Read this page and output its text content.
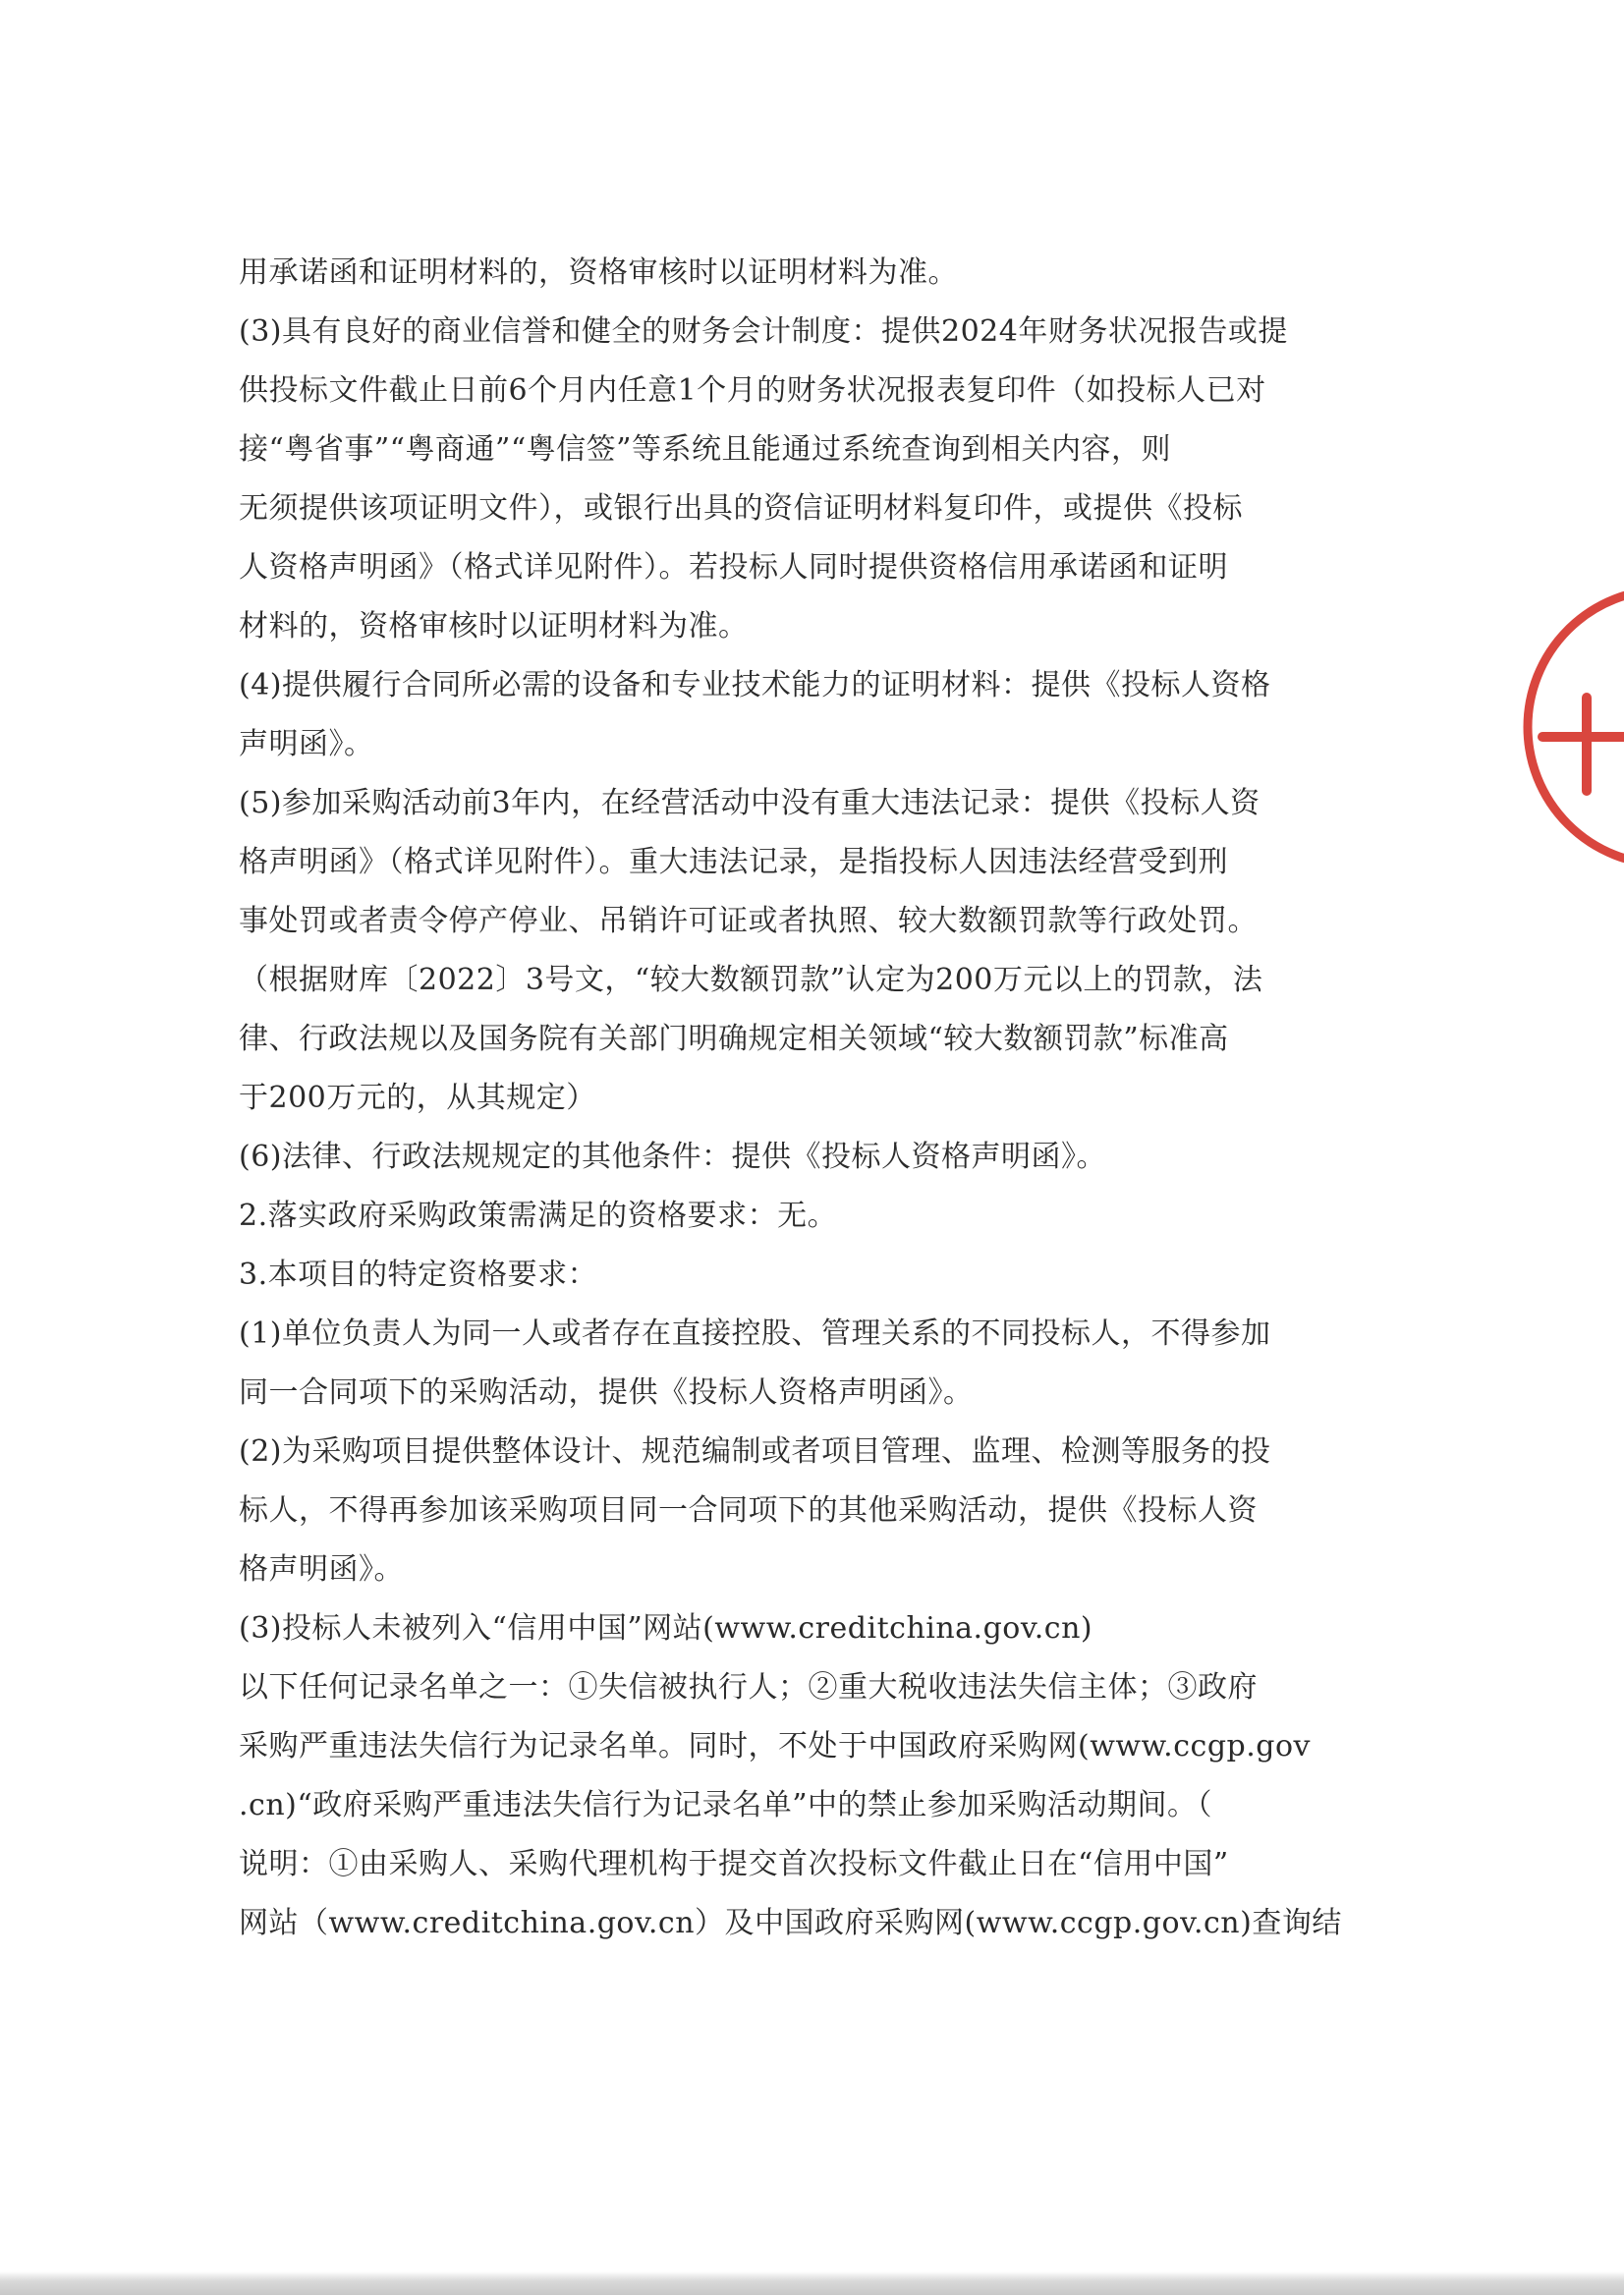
用承诺函和证明材料的，资格审核时以证明材料为准。
(3)具有良好的商业信誉和健全的财务会计制度：提供2024年财务状况报告或提
供投标文件截止日前6个月内任意1个月的财务状况报表复印件（如投标人已对
接“粤省事”“粤商通”“粤信签”等系统且能通过系统查询到相关内容，则
无须提供该项证明文件），或银行出具的资信证明材料复印件，或提供《投标
人资格声明函》（格式详见附件）。若投标人同时提供资格信用承诺函和证明
材料的，资格审核时以证明材料为准。
(4)提供履行合同所必需的设备和专业技术能力的证明材料：提供《投标人资格
声明函》。
(5)参加采购活动前3年内，在经营活动中没有重大违法记录：提供《投标人资
格声明函》（格式详见附件）。重大违法记录，是指投标人因违法经营受到刑
事处罚或者责令停产停业、吊销许可证或者执照、较大数额罚款等行政处罚。
（根据财库〔2022〕3号文，“较大数额罚款”认定为200万元以上的罚款，法
律、行政法规以及国务院有关部门明确规定相关领域“较大数额罚款”标准高
于200万元的，从其规定）
(6)法律、行政法规规定的其他条件：提供《投标人资格声明函》。
2.落实政府采购政策需满足的资格要求：无。
3.本项目的特定资格要求：
(1)单位负责人为同一人或者存在直接控股、管理关系的不同投标人，不得参加
同一合同项下的采购活动，提供《投标人资格声明函》。
(2)为采购项目提供整体设计、规范编制或者项目管理、监理、检测等服务的投
标人，不得再参加该采购项目同一合同项下的其他采购活动，提供《投标人资
格声明函》。
(3)投标人未被列入“信用中国”网站(www.creditchina.gov.cn)
以下任何记录名单之一：①失信被执行人；②重大税收违法失信主体；③政府
采购严重违法失信行为记录名单。同时，不处于中国政府采购网(www.ccgp.gov
.cn)“政府采购严重违法失信行为记录名单”中的禁止参加采购活动期间。（
说明：①由采购人、采购代理机构于提交首次投标文件截止日在“信用中国”
网站（www.creditchina.gov.cn）及中国政府采购网(www.ccgp.gov.cn)查询结
